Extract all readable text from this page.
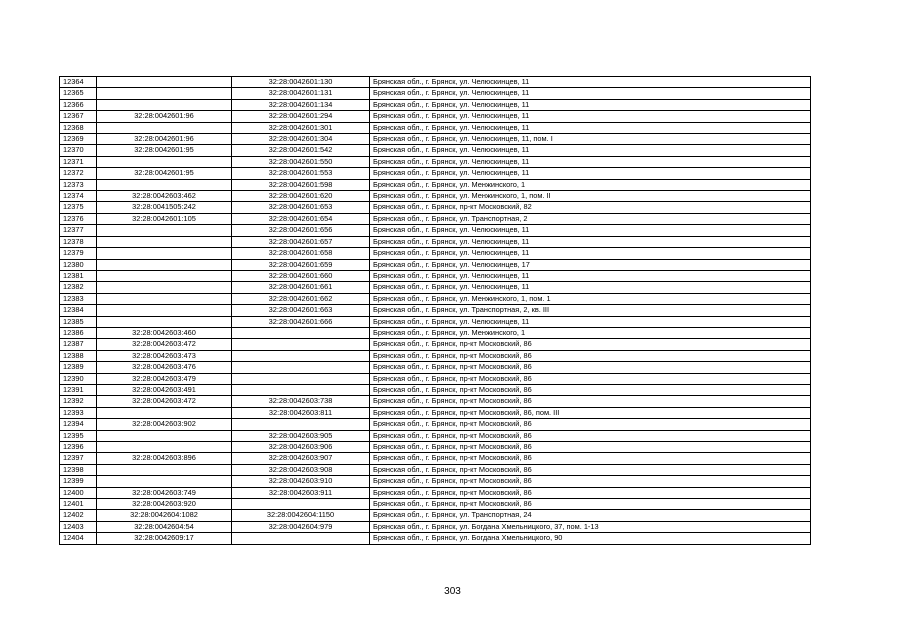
12364		32:28:0042601:130	Брянская обл., г. Брянск, ул. Челюскинцев, 11
12365		32:28:0042601:131	Брянская обл., г. Брянск, ул. Челюскинцев, 11
12366		32:28:0042601:134	Брянская обл., г. Брянск, ул. Челюскинцев, 11
12367	32:28:0042601:96	32:28:0042601:294	Брянская обл., г. Брянск, ул. Челюскинцев, 11
12368		32:28:0042601:301	Брянская обл., г. Брянск, ул. Челюскинцев, 11
12369	32:28:0042601:96	32:28:0042601:304	Брянская обл., г. Брянск, ул. Челюскинцев, 11, пом. I
12370	32:28:0042601:95	32:28:0042601:542	Брянская обл., г. Брянск, ул. Челюскинцев, 11
12371		32:28:0042601:550	Брянская обл., г. Брянск, ул. Челюскинцев, 11
12372	32:28:0042601:95	32:28:0042601:553	Брянская обл., г. Брянск, ул. Челюскинцев, 11
12373		32:28:0042601:598	Брянская обл., г. Брянск, ул. Менжинского, 1
12374	32:28:0042603:462	32:28:0042601:620	Брянская обл., г. Брянск, ул. Менжинского, 1, пом. II
12375	32:28:0041505:242	32:28:0042601:653	Брянская обл., г. Брянск, пр-кт Московский, 82
12376	32:28:0042601:105	32:28:0042601:654	Брянская обл., г. Брянск, ул. Транспортная, 2
12377		32:28:0042601:656	Брянская обл., г. Брянск, ул. Челюскинцев, 11
12378		32:28:0042601:657	Брянская обл., г. Брянск, ул. Челюскинцев, 11
12379		32:28:0042601:658	Брянская обл., г. Брянск, ул. Челюскинцев, 11
12380		32:28:0042601:659	Брянская обл., г. Брянск, ул. Челюскинцев, 17
12381		32:28:0042601:660	Брянская обл., г. Брянск, ул. Челюскинцев, 11
12382		32:28:0042601:661	Брянская обл., г. Брянск, ул. Челюскинцев, 11
12383		32:28:0042601:662	Брянская обл., г. Брянск, ул. Менжинского, 1, пом. 1
12384		32:28:0042601:663	Брянская обл., г. Брянск, ул. Транспортная, 2, кв. III
12385		32:28:0042601:666	Брянская обл., г. Брянск, ул. Челюскинцев, 11
12386	32:28:0042603:460		Брянская обл., г. Брянск, ул. Менжинского, 1
12387	32:28:0042603:472		Брянская обл., г. Брянск, пр-кт Московский, 86
12388	32:28:0042603:473		Брянская обл., г. Брянск, пр-кт Московский, 86
12389	32:28:0042603:476		Брянская обл., г. Брянск, пр-кт Московский, 86
12390	32:28:0042603:479		Брянская обл., г. Брянск, пр-кт Московский, 86
12391	32:28:0042603:491		Брянская обл., г. Брянск, пр-кт Московский, 86
12392	32:28:0042603:472	32:28:0042603:738	Брянская обл., г. Брянск, пр-кт Московский, 86
12393		32:28:0042603:811	Брянская обл., г. Брянск, пр-кт Московский, 86, пом. III
12394	32:28:0042603:902		Брянская обл., г. Брянск, пр-кт Московский, 86
12395		32:28:0042603:905	Брянская обл., г. Брянск, пр-кт Московский, 86
12396		32:28:0042603:906	Брянская обл., г. Брянск, пр-кт Московский, 86
12397	32:28:0042603:896	32:28:0042603:907	Брянская обл., г. Брянск, пр-кт Московский, 86
12398		32:28:0042603:908	Брянская обл., г. Брянск, пр-кт Московский, 86
12399		32:28:0042603:910	Брянская обл., г. Брянск, пр-кт Московский, 86
12400	32:28:0042603:749	32:28:0042603:911	Брянская обл., г. Брянск, пр-кт Московский, 86
12401	32:28:0042603:920		Брянская обл., г. Брянск, пр-кт Московский, 86
12402	32:28:0042604:1082	32:28:0042604:1150	Брянская обл., г. Брянск, ул. Транспортная, 24
12403	32:28:0042604:54	32:28:0042604:979	Брянская обл., г. Брянск, ул. Богдана Хмельницкого, 37, пом. 1-13
12404	32:28:0042609:17		Брянская обл., г. Брянск, ул. Богдана Хмельницкого, 90
303
